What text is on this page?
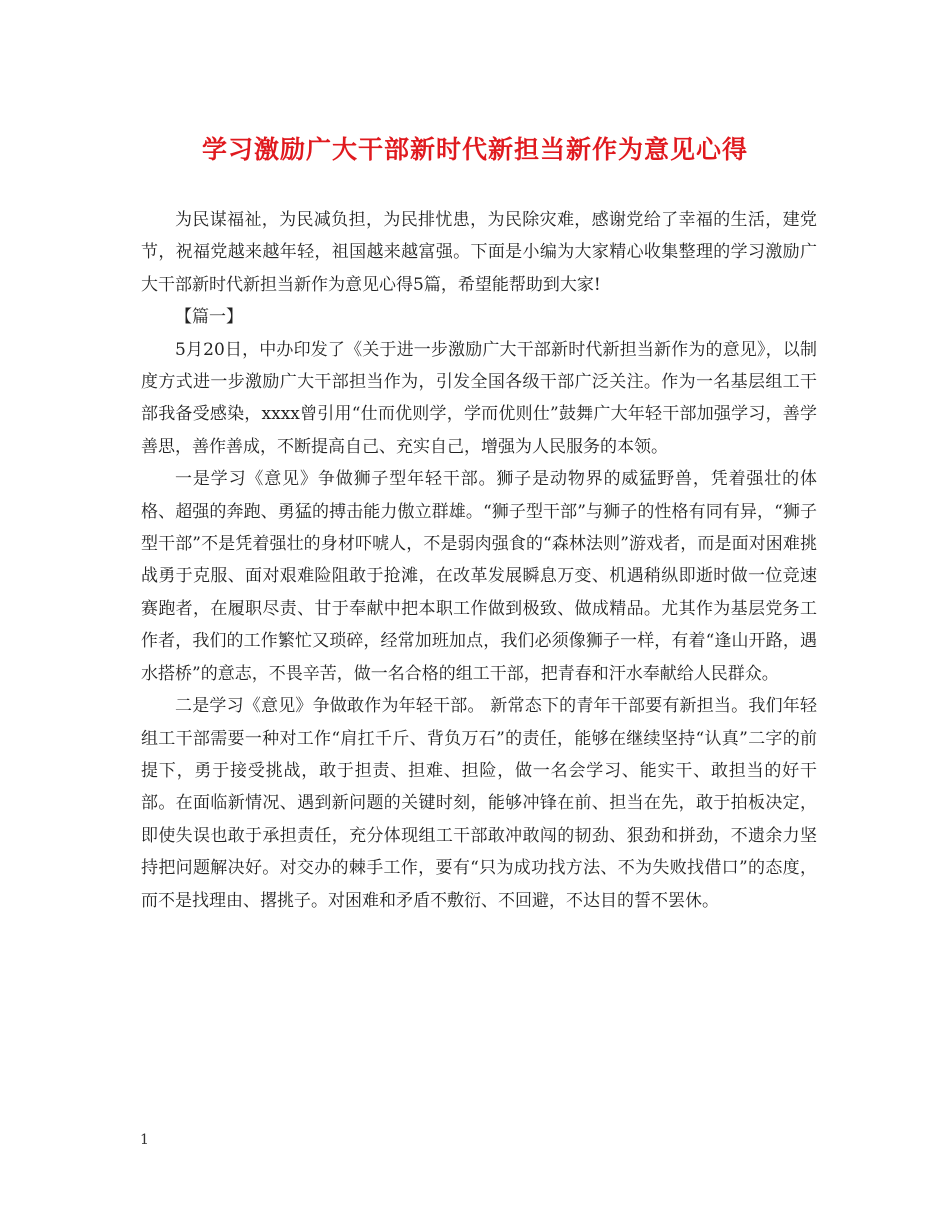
学习激励广大干部新时代新担当新作为意见心得

为民谋福祉，为民减负担，为民排忧患，为民除灾难，感谢党给了幸福的生活，建党节，祝福党越来越年轻，祖国越来越富强。下面是小编为大家精心收集整理的学习激励广大干部新时代新担当新作为意见心得5篇，希望能帮助到大家!

【篇一】

5月20日，中办印发了《关于进一步激励广大干部新时代新担当新作为的意见》，以制度方式进一步激励广大干部担当作为，引发全国各级干部广泛关注。作为一名基层组工干部我备受感染，xxxx曾引用“仕而优则学，学而优则仕”鼓舞广大年轻干部加强学习，善学善思，善作善成，不断提高自己、充实自己，增强为人民服务的本领。

一是学习《意见》争做狮子型年轻干部。狮子是动物界的威猛野兽，凭着强壮的体格、超强的奔跑、勇猛的搏击能力傲立群雄。“狮子型干部”与狮子的性格有同有异，“狮子型干部”不是凭着强壮的身材吓唬人，不是弱肉强食的“森林法则”游戏者，而是面对困难挑战勇于克服、面对艰难险阻敢于抢滩，在改革发展瞬息万变、机遇稍纵即逝时做一位竞速赛跑者，在履职尽责、甘于奉献中把本职工作做到极致、做成精品。尤其作为基层党务工作者，我们的工作繁忙又琐碎，经常加班加点，我们必须像狮子一样，有着“逢山开路，遇水搭桥”的意志，不畏辛苦，做一名合格的组工干部，把青春和汗水奉献给人民群众。

二是学习《意见》争做敢作为年轻干部。 新常态下的青年干部要有新担当。我们年轻组工干部需要一种对工作“肩扛千斤、背负万石”的责任，能够在继续坚持“认真”二字的前提下，勇于接受挑战，敢于担责、担难、担险，做一名会学习、能实干、敢担当的好干部。在面临新情况、遇到新问题的关键时刻，能够冲锋在前、担当在先，敢于拍板决定，即使失误也敢于承担责任，充分体现组工干部敢冲敢闯的韧劲、狠劲和拼劲，不遗余力坚持把问题解决好。对交办的棘手工作，要有“只为成功找方法、不为失败找借口”的态度，而不是找理由、撂挑子。对困难和矛盾不敷衍、不回避，不达目的誓不罢休。

1
